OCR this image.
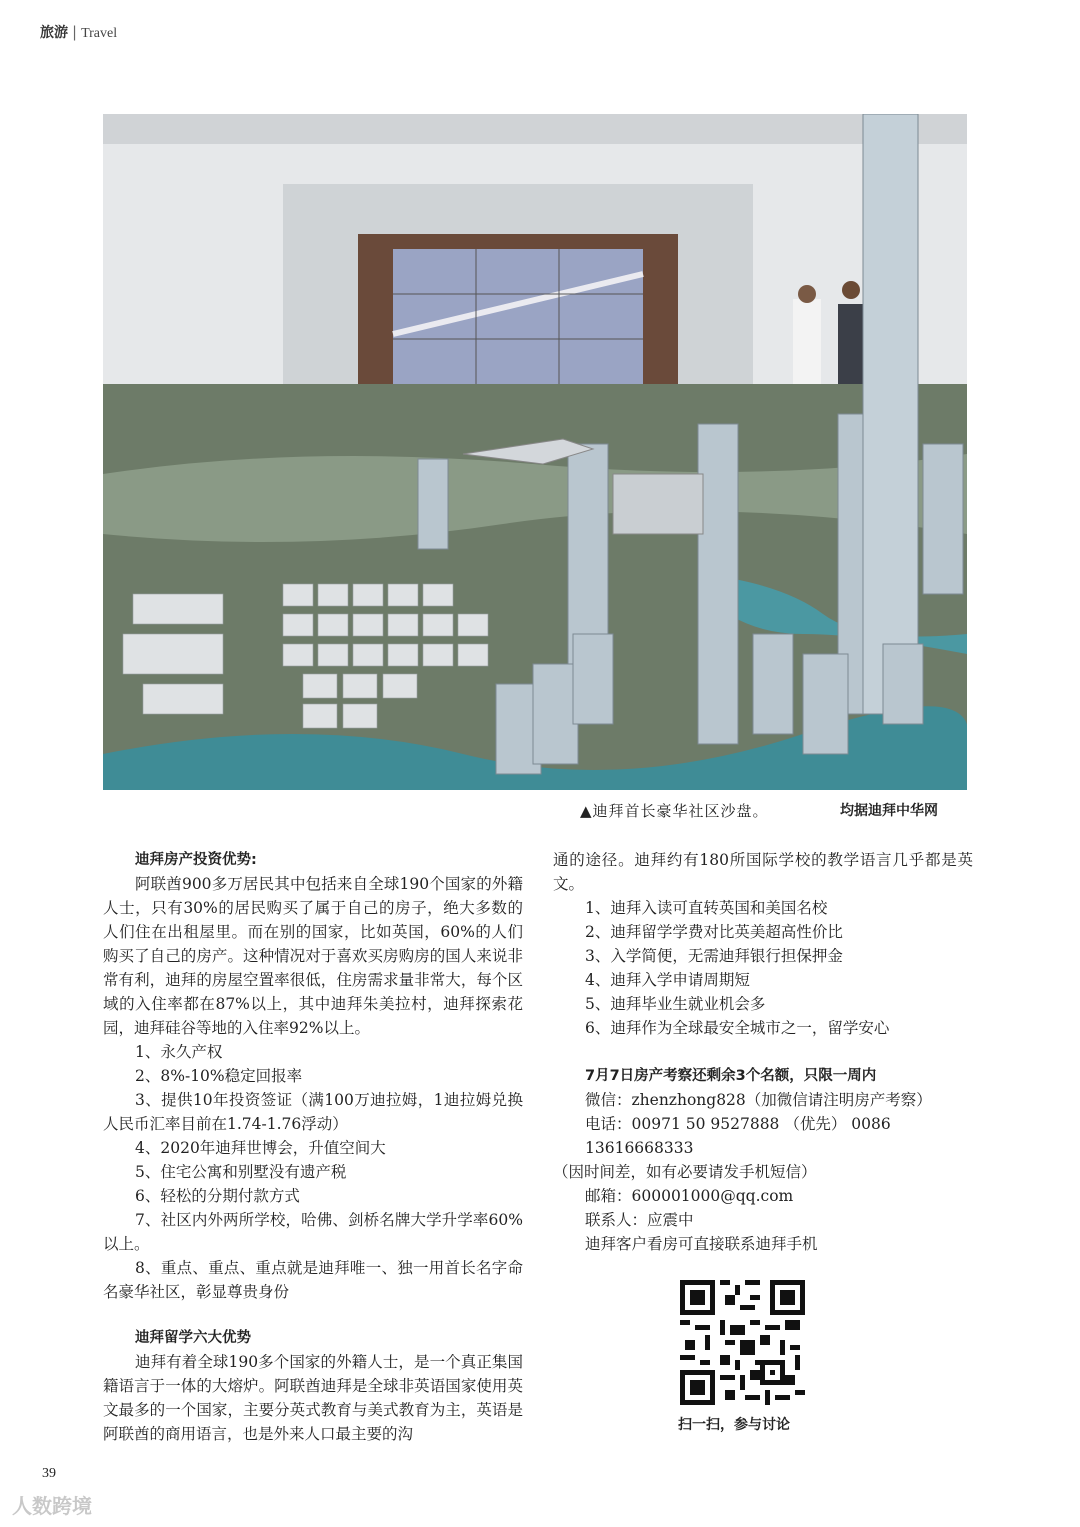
旅游 | Travel
▲迪拜首长豪华社区沙盘。	均据迪拜中华网
迪拜房产投资优势:

阿联酋900多万居民其中包括来自全球190个国家的外籍人士，只有30%的居民购买了属于自己的房子，绝大多数的人们住在出租屋里。而在别的国家，比如英国，60%的人们购买了自己的房产。这种情况对于喜欢买房购房的国人来说非常有利，迪拜的房屋空置率很低，住房需求量非常大，每个区域的入住率都在87%以上，其中迪拜朱美拉村，迪拜探索花园，迪拜硅谷等地的入住率92%以上。

1、永久产权

2、8%-10%稳定回报率

3、提供10年投资签证（满100万迪拉姆，1迪拉姆兑换人民币汇率目前在1.74-1.76浮动）

4、2020年迪拜世博会，升值空间大

5、住宅公寓和别墅没有遗产税

6、轻松的分期付款方式

7、社区内外两所学校，哈佛、剑桥名牌大学升学率60%以上。

8、重点、重点、重点就是迪拜唯一、独一用首长名字命名豪华社区，彰显尊贵身份

迪拜留学六大优势

迪拜有着全球190多个国家的外籍人士，是一个真正集国籍语言于一体的大熔炉。阿联酋迪拜是全球非英语国家使用英文最多的一个国家，主要分英式教育与美式教育为主，英语是阿联酋的商用语言，也是外来人口最主要的沟

通的途径。迪拜约有180所国际学校的教学语言几乎都是英文。

1、迪拜入读可直转英国和美国名校

2、迪拜留学学费对比英美超高性价比

3、入学简便，无需迪拜银行担保押金

4、迪拜入学申请周期短

5、迪拜毕业生就业机会多

6、迪拜作为全球最安全城市之一，留学安心

7月7日房产考察还剩余3个名额，只限一周内

微信：zhenzhong828（加微信请注明房产考察）

电话：00971 50 9527888 （优先） 0086 13616668333

（因时间差，如有必要请发手机短信）

邮箱：600001000@qq.com

联系人：应震中

迪拜客户看房可直接联系迪拜手机

扫一扫，参与讨论
39
人数跨境
